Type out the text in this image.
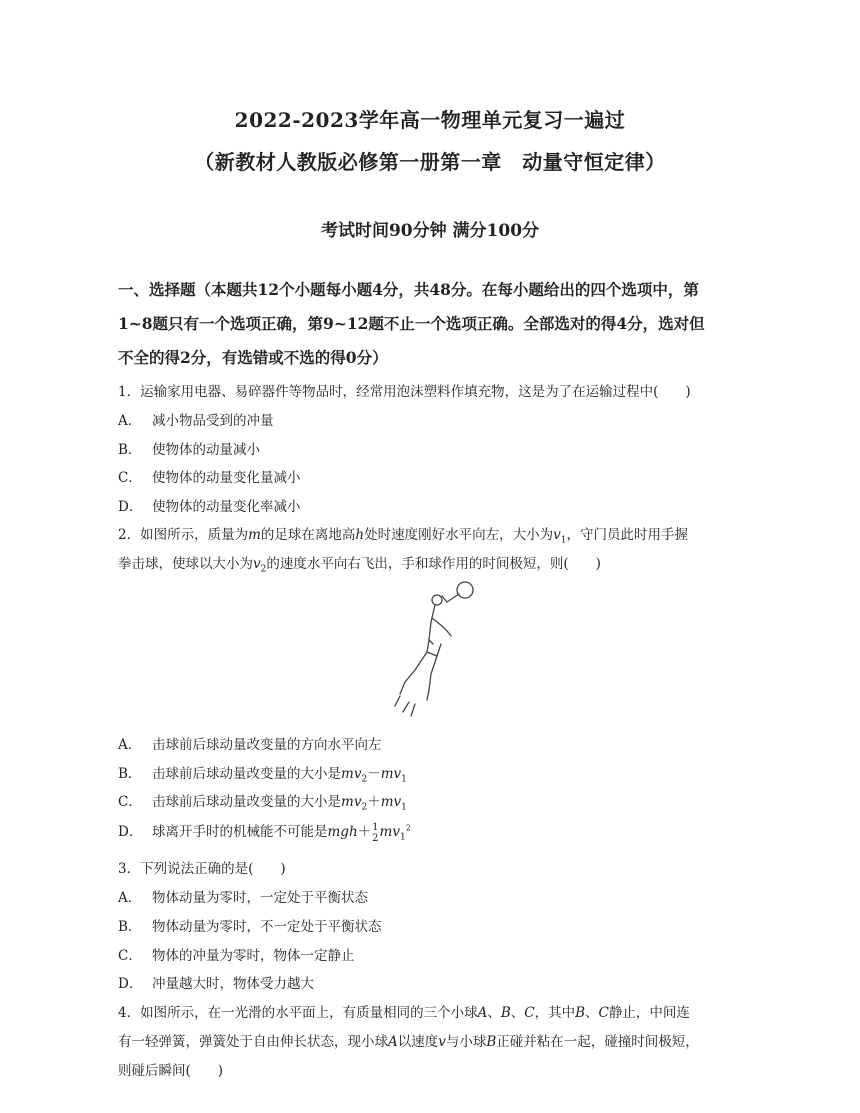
2022-2023学年高一物理单元复习一遍过
（新教材人教版必修第一册第一章　动量守恒定律）
考试时间90分钟 满分100分
一、选择题（本题共12个小题每小题4分，共48分。在每小题给出的四个选项中，第
1~8题只有一个选项正确，第9~12题不止一个选项正确。全部选对的得4分，选对但
不全的得2分，有选错或不选的得0分）
1．运输家用电器、易碎器件等物品时，经常用泡沫塑料作填充物，这是为了在运输过程中(　　)
A． 减小物品受到的冲量
B． 使物体的动量减小
C． 使物体的动量变化量减小
D． 使物体的动量变化率减小
2．如图所示，质量为m的足球在离地高h处时速度刚好水平向左，大小为$v_1$，守门员此时用手握
拳击球，使球以大小为$v_2$的速度水平向右飞出，手和球作用的时间极短，则(　　)
A． 击球前后球动量改变量的方向水平向左
B． 击球前后球动量改变量的大小是$mv_2-mv_1$
C． 击球前后球动量改变量的大小是$mv_2+mv_1$
D． 球离开手时的机械能不可能是mgh＋ 1
2 $mv_1^2$
3．下列说法正确的是(　　)
A． 物体动量为零时，一定处于平衡状态
B． 物体动量为零时，不一定处于平衡状态
C． 物体的冲量为零时，物体一定静止
D． 冲量越大时，物体受力越大
4．如图所示，在一光滑的水平面上，有质量相同的三个小球A、B、C，其中B、C静止，中间连
有一轻弹簧，弹簧处于自由伸长状态，现小球A以速度v与小球B正碰并粘在一起，碰撞时间极短，
则碰后瞬间(　　)
